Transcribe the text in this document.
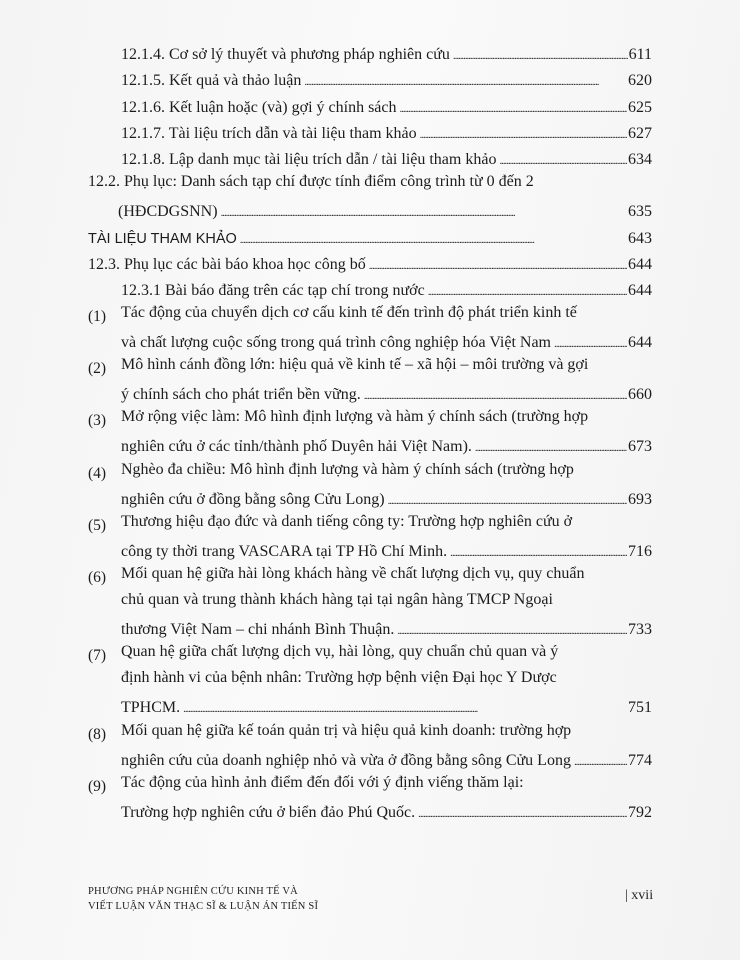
12.1.4. Cơ sở lý thuyết và phương pháp nghiên cứu . . .	611
12.1.5. Kết quả và thảo luận . . .	620
12.1.6. Kết luận hoặc (và) gợi ý chính sách . . .	625
12.1.7. Tài liệu trích dẫn và tài liệu tham khảo . . .	627
12.1.8. Lập danh mục tài liệu trích dẫn / tài liệu tham khảo . . .	634
12.2. Phụ lục: Danh sách tạp chí được tính điểm công trình từ 0 đến 2
(HĐCDGSNN) . . .	635
TÀI LIỆU THAM KHẢO . . .	643
12.3. Phụ lục các bài báo khoa học công bố . . .	644
12.3.1 Bài báo đăng trên các tạp chí trong nước . . .	644
(1) Tác động của chuyển dịch cơ cấu kinh tế đến trình độ phát triển kinh tế
và chất lượng cuộc sống trong quá trình công nghiệp hóa Việt Nam . . .	644
(2) Mô hình cánh đồng lớn: hiệu quả về kinh tế – xã hội – môi trường và gợi
ý chính sách cho phát triển bền vững. . . .	660
(3) Mở rộng việc làm: Mô hình định lượng và hàm ý chính sách (trường hợp
nghiên cứu ở các tỉnh/thành phố Duyên hải Việt Nam). . . .	673
(4) Nghèo đa chiều: Mô hình định lượng và hàm ý chính sách (trường hợp
nghiên cứu ở đồng bằng sông Cửu Long) . . .	693
(5) Thương hiệu đạo đức và danh tiếng công ty: Trường hợp nghiên cứu ở
công ty thời trang VASCARA tại TP Hồ Chí Minh. . . .	716
(6) Mối quan hệ giữa hài lòng khách hàng về chất lượng dịch vụ, quy chuẩn
chủ quan và trung thành khách hàng tại tại ngân hàng TMCP Ngoại
thương Việt Nam – chi nhánh Bình Thuận. . . .	733
(7) Quan hệ giữa chất lượng dịch vụ, hài lòng, quy chuẩn chủ quan và ý
định hành vi của bệnh nhân: Trường hợp bệnh viện Đại học Y Dược
TPHCM. . . .	751
(8) Mối quan hệ giữa kế toán quản trị và hiệu quả kinh doanh: trường hợp
nghiên cứu của doanh nghiệp nhỏ và vừa ở đồng bằng sông Cửu Long . . .	774
(9) Tác động của hình ảnh điểm đến đối với ý định viếng thăm lại:
Trường hợp nghiên cứu ở biển đảo Phú Quốc. . . .	792
PHƯƠNG PHÁP NGHIÊN CỨU KINH TẾ VÀ
VIẾT LUẬN VĂN THẠC SĨ & LUẬN ÁN TIẾN SĨ
| xvii
